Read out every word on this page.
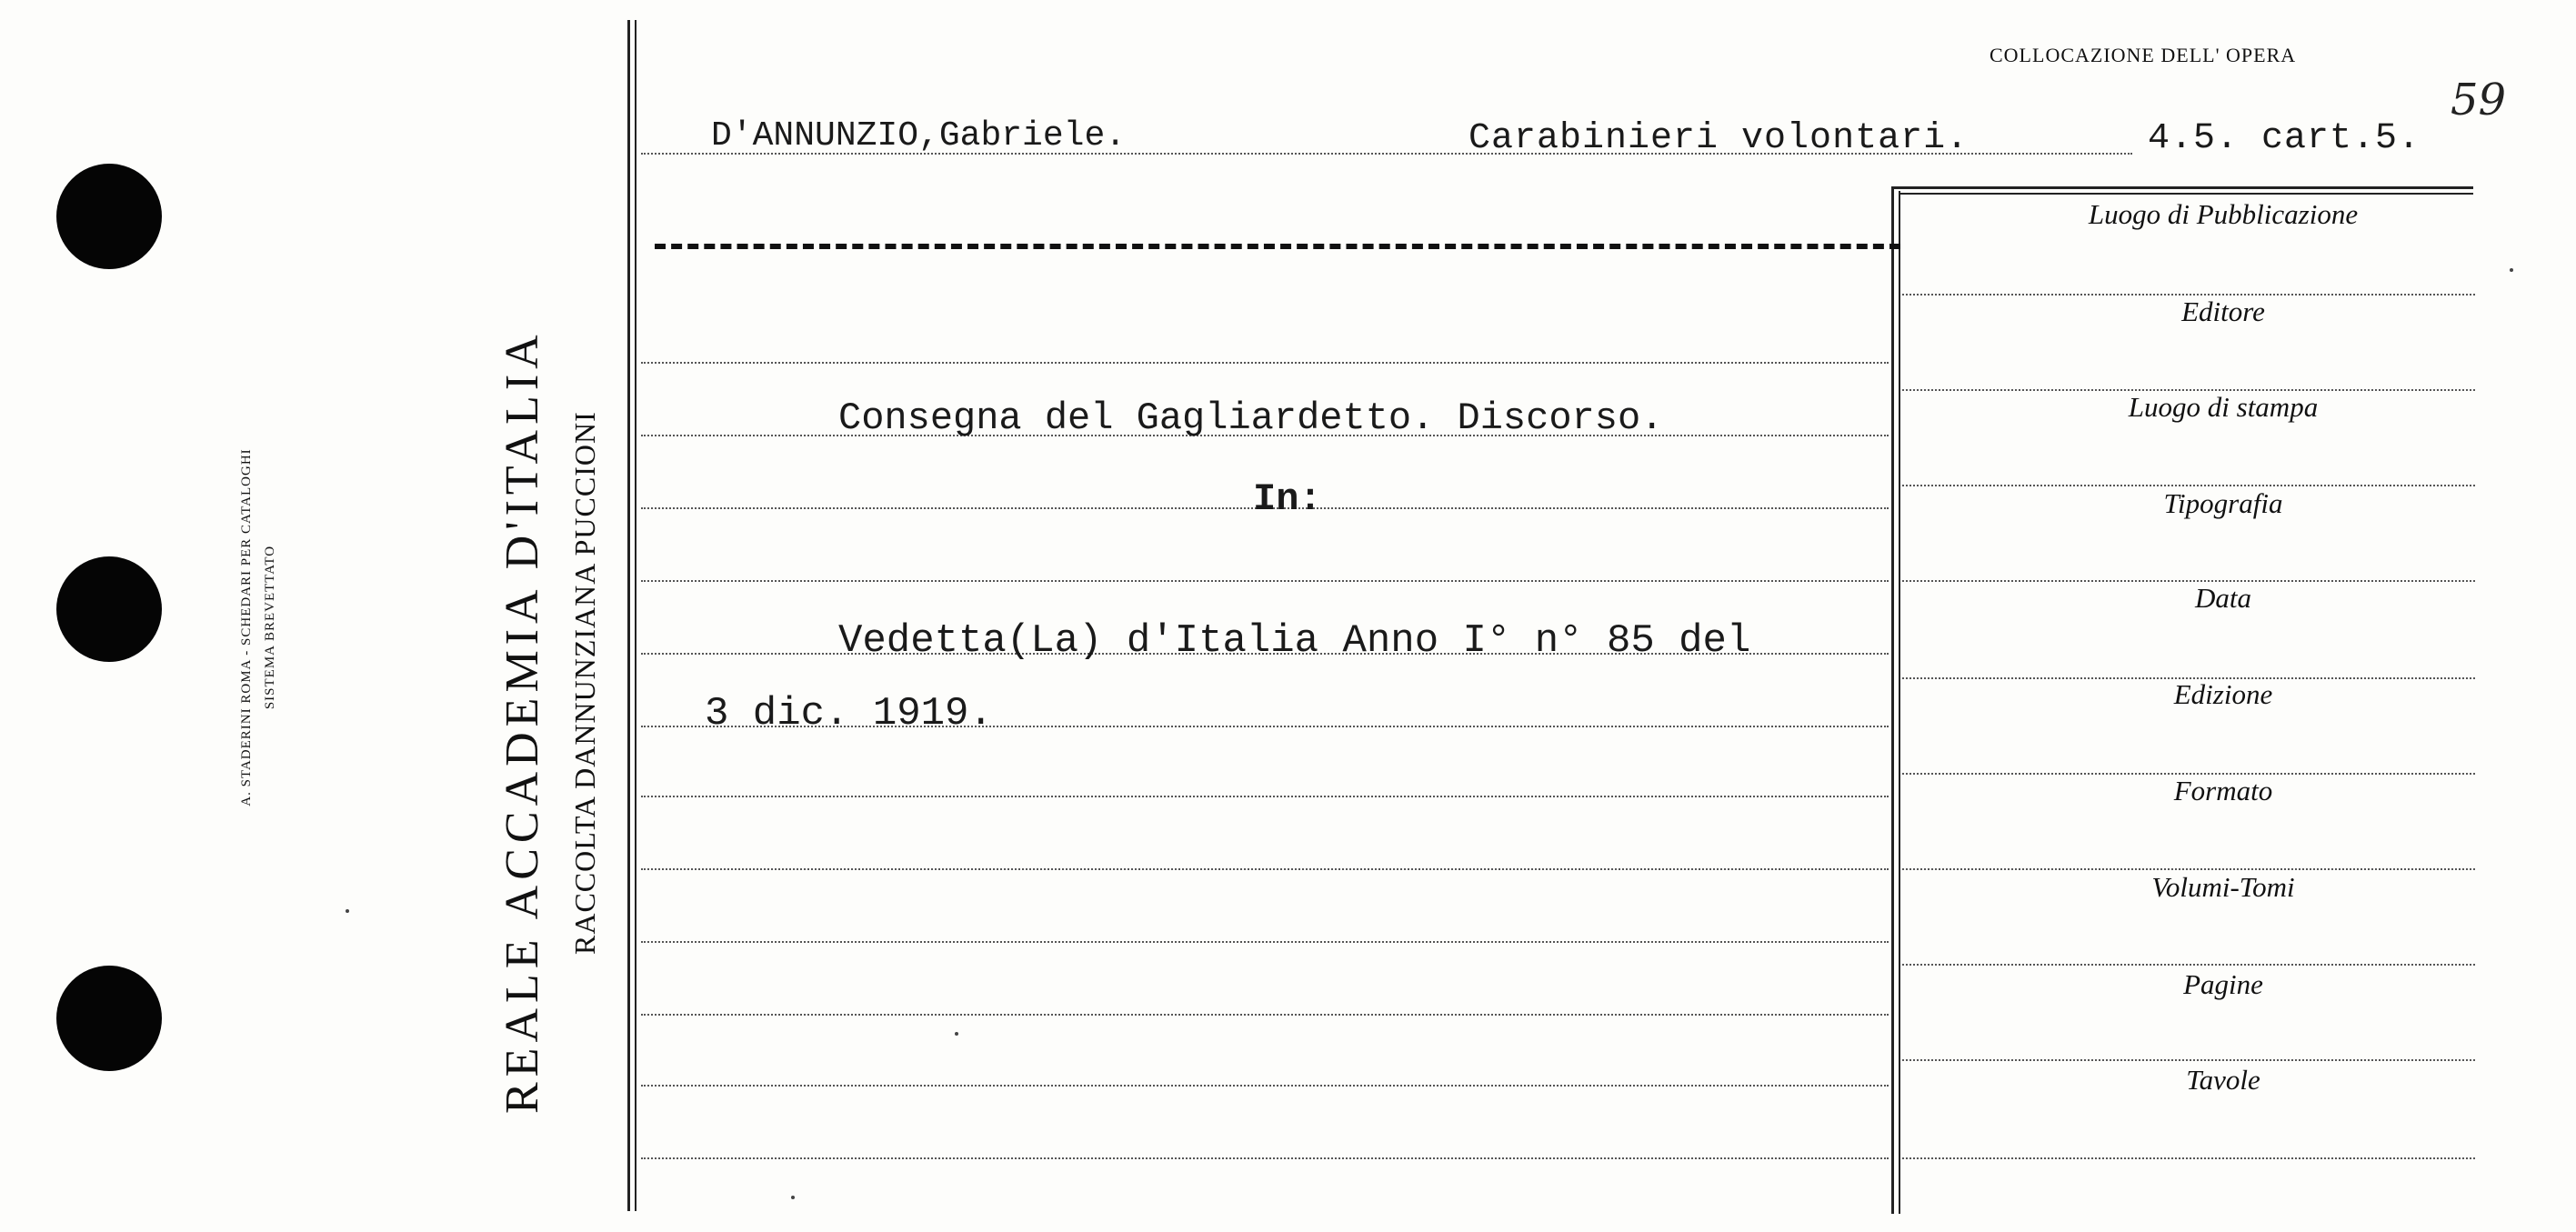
A. STADERINI ROMA - SCHEDARI PER CATALOGHI SISTEMA BREVETTATO	REALE ACCADEMIA D'ITALIA RACCOLTA DANNUNZIANA PUCCIONI
COLLOCAZIONE DELL' OPERA
59
D'ANNUNZIO,Gabriele.	Carabinieri volontari.	4.5. cart.5.
Consegna del Gagliardetto. Discorso.
In:
Vedetta(La) d'Italia Anno I° n° 85 del
3 dic. 1919.
Luogo di Pubblicazione
Editore
Luogo di stampa
Tipografia
Data
Edizione
Formato
Volumi-Tomi
Pagine
Tavole
